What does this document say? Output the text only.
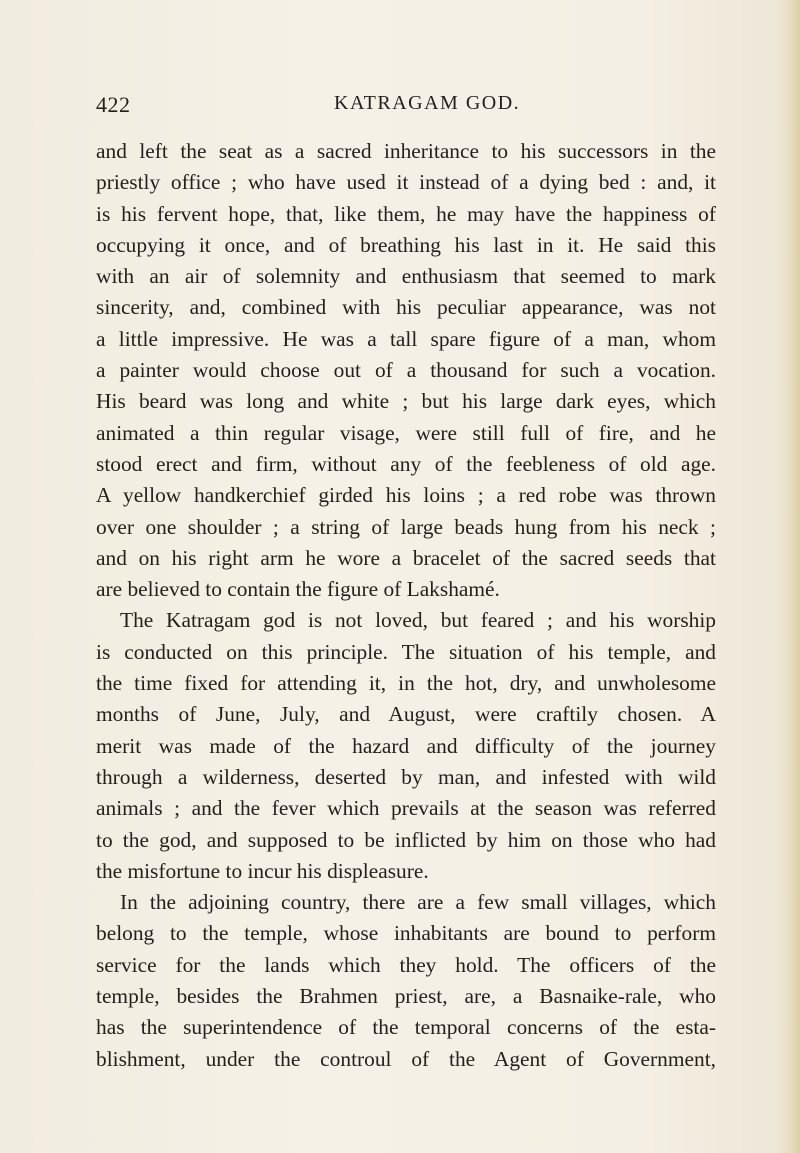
422	KATRAGAM GOD.
and left the seat as a sacred inheritance to his successors in the
priestly office ; who have used it instead of a dying bed : and, it
is his fervent hope, that, like them, he may have the happiness of
occupying it once, and of breathing his last in it. He said this
with an air of solemnity and enthusiasm that seemed to mark
sincerity, and, combined with his peculiar appearance, was not
a little impressive. He was a tall spare figure of a man, whom
a painter would choose out of a thousand for such a vocation.
His beard was long and white ; but his large dark eyes, which
animated a thin regular visage, were still full of fire, and he
stood erect and firm, without any of the feebleness of old age.
A yellow handkerchief girded his loins ; a red robe was thrown
over one shoulder ; a string of large beads hung from his neck ;
and on his right arm he wore a bracelet of the sacred seeds that
are believed to contain the figure of Lakshamé.
The Katragam god is not loved, but feared ; and his worship
is conducted on this principle. The situation of his temple, and
the time fixed for attending it, in the hot, dry, and unwholesome
months of June, July, and August, were craftily chosen. A
merit was made of the hazard and difficulty of the journey
through a wilderness, deserted by man, and infested with wild
animals ; and the fever which prevails at the season was referred
to the god, and supposed to be inflicted by him on those who had
the misfortune to incur his displeasure.
In the adjoining country, there are a few small villages, which
belong to the temple, whose inhabitants are bound to perform
service for the lands which they hold. The officers of the
temple, besides the Brahmen priest, are, a Basnaike-rale, who
has the superintendence of the temporal concerns of the esta-
blishment, under the controul of the Agent of Government,
